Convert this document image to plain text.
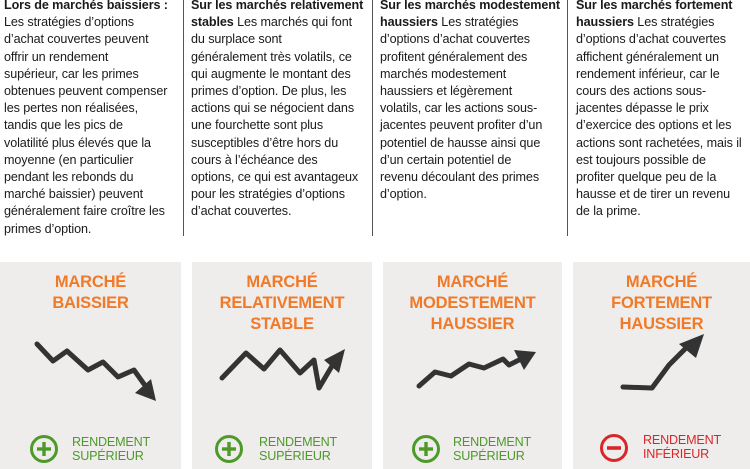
Lors de marchés baissiers :
Les stratégies d’options
d’achat couvertes peuvent
offrir un rendement
supérieur, car les primes
obtenues peuvent compenser
les pertes non réalisées,
tandis que les pics de
volatilité plus élevés que la
moyenne (en particulier
pendant les rebonds du
marché baissier) peuvent
généralement faire croître les
primes d’option.
Sur les marchés relativement
stables Les marchés qui font
du surplace sont
généralement très volatils, ce
qui augmente le montant des
primes d’option. De plus, les
actions qui se négocient dans
une fourchette sont plus
susceptibles d’être hors du
cours à l’échéance des
options, ce qui est avantageux
pour les stratégies d’options
d’achat couvertes.
Sur les marchés modestement
haussiers Les stratégies
d’options d’achat couvertes
profitent généralement des
marchés modestement
haussiers et légèrement
volatils, car les actions sous-
jacentes peuvent profiter d’un
potentiel de hausse ainsi que
d’un certain potentiel de
revenu découlant des primes
d’option.
Sur les marchés fortement
haussiers Les stratégies
d’options d’achat couvertes
affichent généralement un
rendement inférieur, car le
cours des actions sous-
jacentes dépasse le prix
d’exercice des options et les
actions sont rachetées, mais il
est toujours possible de
profiter quelque peu de la
hausse et de tirer un revenu
de la prime.
MARCHÉ
BAISSIER
RENDEMENT
SUPÉRIEUR
MARCHÉ
RELATIVEMENT
STABLE
RENDEMENT
SUPÉRIEUR
MARCHÉ
MODESTEMENT
HAUSSIER
RENDEMENT
SUPÉRIEUR
MARCHÉ
FORTEMENT
HAUSSIER
RENDEMENT
INFÉRIEUR
